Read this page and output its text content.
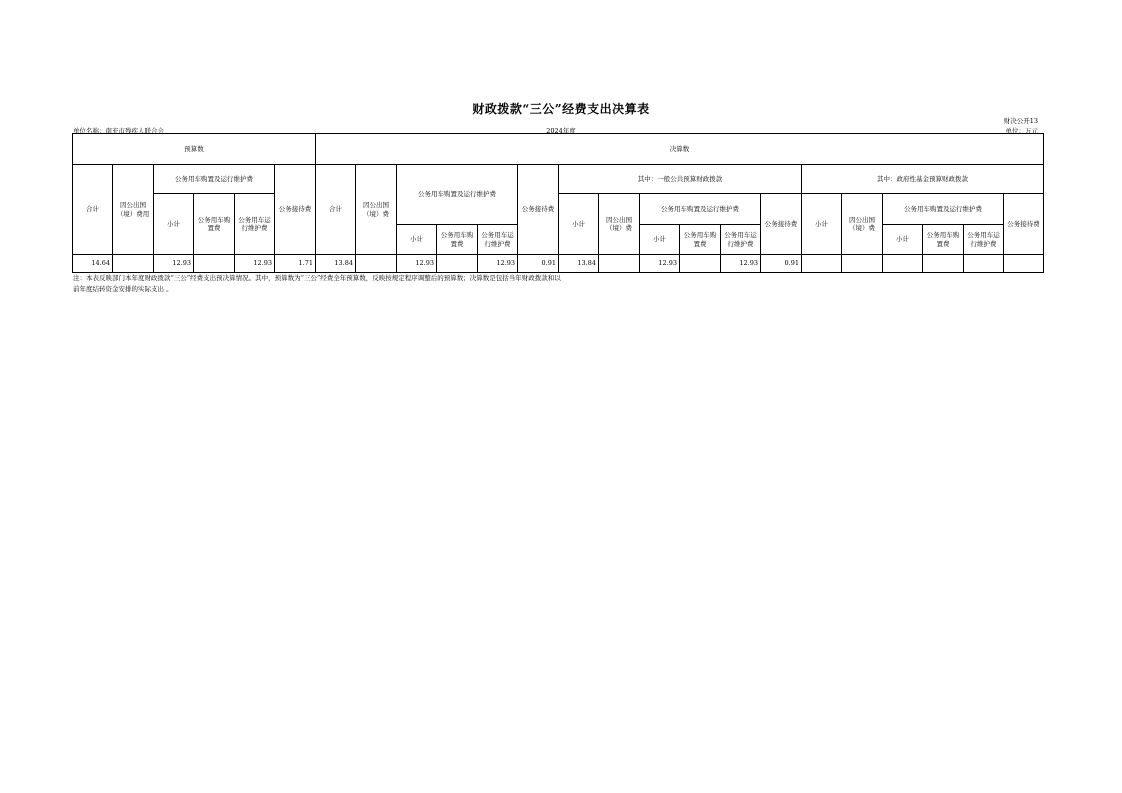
财政拨款“三公”经费支出决算表
财决公开13
单位名称：南充市残疾人联合会	2024年度	单位：万元
预算数						决算数																	
合计	因公出国（境）费用	公务用车购置及运行维护费			公务接待费	合计	因公出国（境）费	公务用车购置及运行维护费			公务接待费	其中：一般公共预算财政拨款						其中：政府性基金预算财政拨款					
		小计	公务用车购置费	公务用车运行维护费								小计	因公出国（境）费	公务用车购置及运行维护费			公务接待费	小计	因公出国（境）费	公务用车购置及运行维护费			公务接待费
								小计	公务用车购置费	公务用车运行维护费				小计	公务用车购置费	公务用车运行维护费				小计	公务用车购置费	公务用车运行维护费	
14.64		12.93		12.93	1.71	13.84		12.93		12.93	0.91	13.84		12.93		12.93	0.91						
注：本表反映部门本年度财政拨款“三公”经费支出预决算情况。其中，预算数为“三公”经费全年预算数，反映按规定程序调整后的预算数；决算数是包括当年财政拨款和以前年度结转资金安排的实际支出 。
